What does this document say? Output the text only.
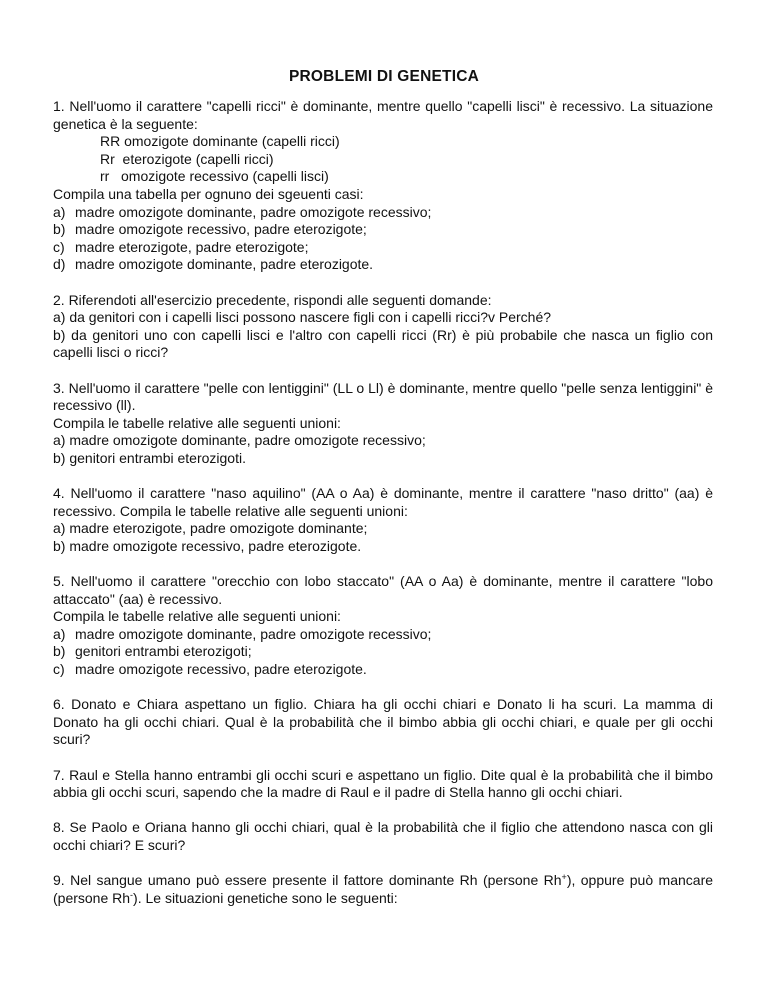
PROBLEMI DI GENETICA
1. Nell'uomo il carattere "capelli ricci" è dominante, mentre quello "capelli lisci" è recessivo. La situazione genetica è la seguente:
RR omozigote dominante (capelli ricci)
Rr  eterozigote (capelli ricci)
rr   omozigote recessivo (capelli lisci)
Compila una tabella per ognuno dei sgeuenti casi:
a) madre omozigote dominante, padre omozigote recessivo;
b) madre omozigote recessivo, padre eterozigote;
c) madre eterozigote, padre eterozigote;
d) madre omozigote dominante, padre eterozigote.
2. Riferendoti all'esercizio precedente, rispondi alle seguenti domande:
a) da genitori con i capelli lisci possono nascere figli con i capelli ricci?v Perché?
b) da genitori uno con capelli lisci e l'altro con capelli ricci (Rr) è più probabile che nasca un figlio con capelli lisci o ricci?
3. Nell'uomo il carattere "pelle con lentiggini" (LL o Ll) è dominante, mentre quello "pelle senza lentiggini" è recessivo (ll).
Compila le tabelle relative alle seguenti unioni:
a) madre omozigote dominante, padre omozigote recessivo;
b) genitori entrambi eterozigoti.
4. Nell'uomo il carattere "naso aquilino" (AA o Aa) è dominante, mentre il carattere "naso dritto" (aa) è recessivo. Compila le tabelle relative alle seguenti unioni:
a) madre eterozigote, padre omozigote dominante;
b) madre omozigote recessivo, padre eterozigote.
5. Nell'uomo il carattere "orecchio con lobo staccato" (AA o Aa) è dominante, mentre il carattere "lobo attaccato" (aa) è recessivo.
Compila le tabelle relative alle seguenti unioni:
a) madre omozigote dominante, padre omozigote recessivo;
b) genitori entrambi eterozigoti;
c) madre omozigote recessivo, padre eterozigote.
6. Donato e Chiara aspettano un figlio. Chiara ha gli occhi chiari e Donato li ha scuri. La mamma di Donato ha gli occhi chiari. Qual è la probabilità che il bimbo abbia gli occhi chiari, e quale per gli occhi scuri?
7. Raul e Stella hanno entrambi gli occhi scuri e aspettano un figlio. Dite qual è la probabilità che il bimbo abbia gli occhi scuri, sapendo che la madre di Raul e il padre di Stella hanno gli occhi chiari.
8. Se Paolo e Oriana hanno gli occhi chiari, qual è la probabilità che il figlio che attendono nasca con gli occhi chiari? E scuri?
9. Nel sangue umano può essere presente il fattore dominante Rh (persone Rh+), oppure può mancare (persone Rh-). Le situazioni genetiche sono le seguenti:
